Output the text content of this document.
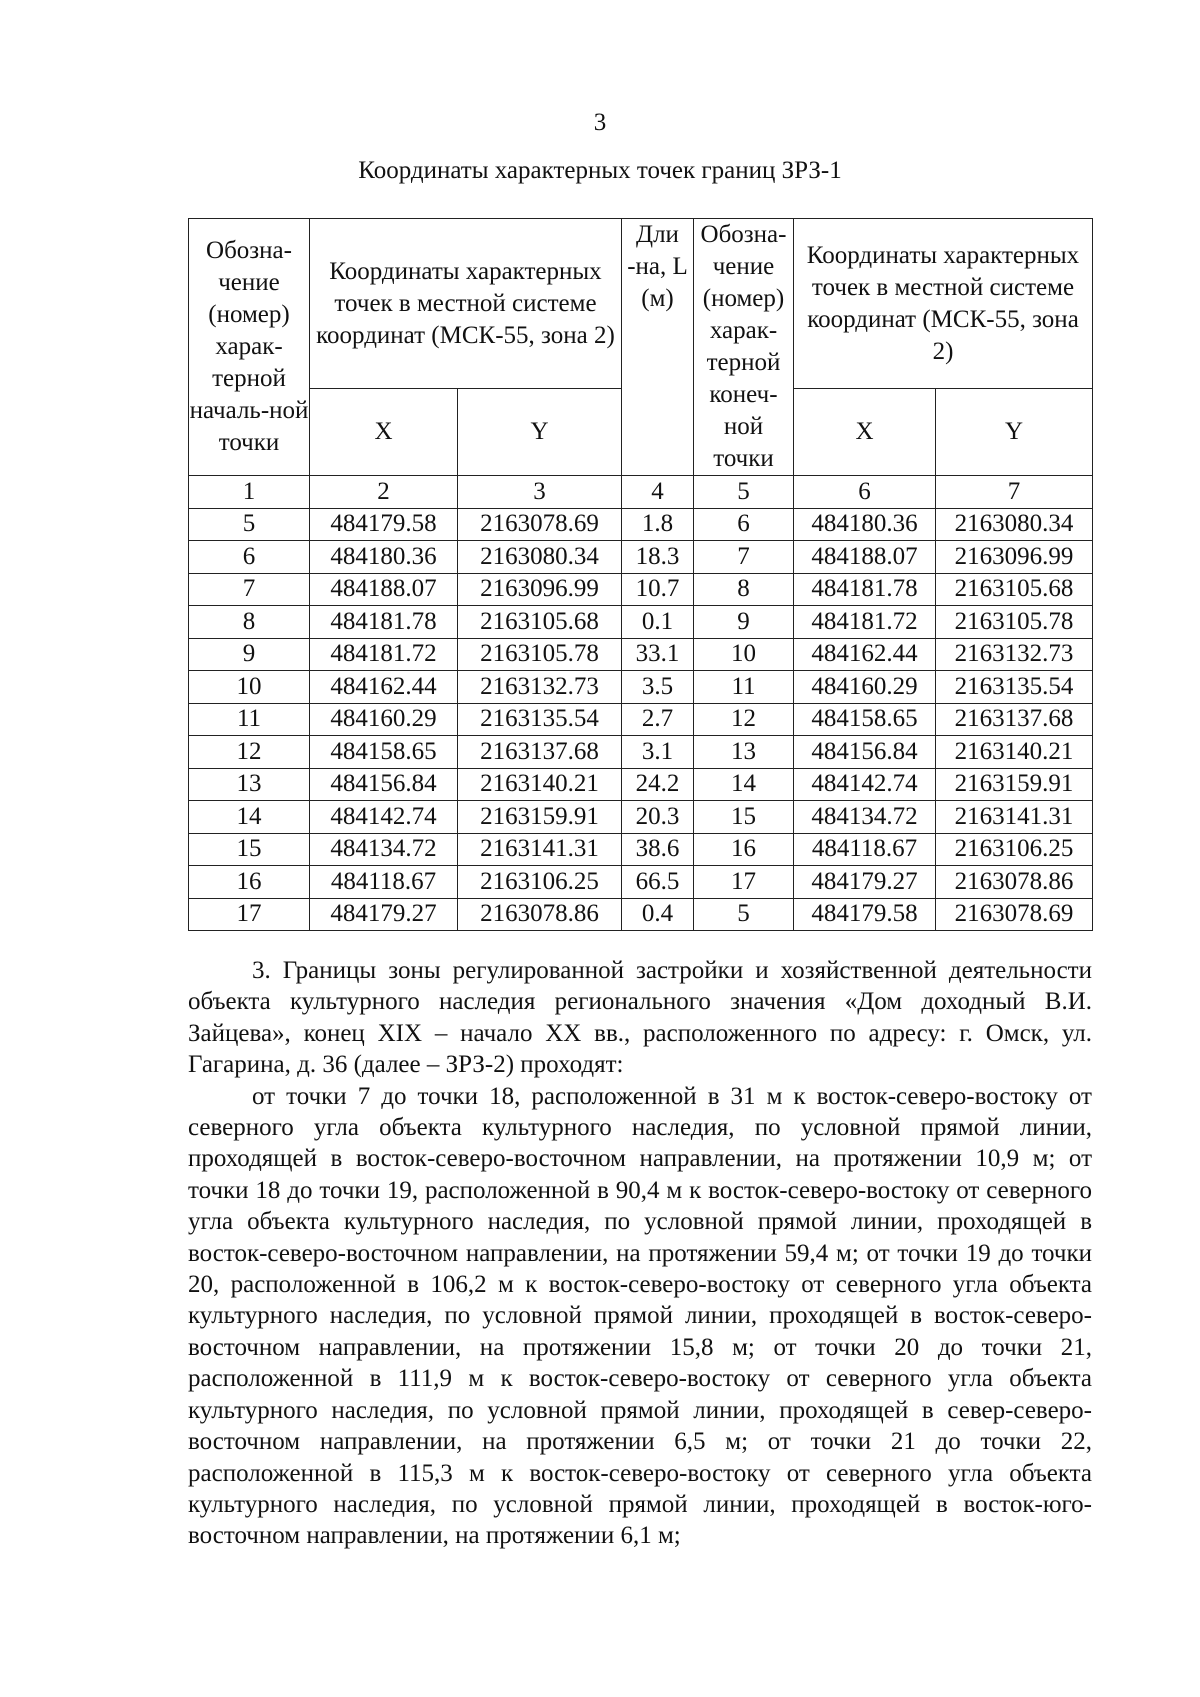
3
Координаты характерных точек границ ЗРЗ-1
Обозна-чение (номер) харак-терной началь-ной точки	Координаты характерных точек в местной системе координат (МСК-55, зона 2)		Дли -на, L (м)	Обозна-чение (номер) харак-терной конеч-ной точки	Координаты характерных точек в местной системе координат (МСК-55, зона 2)	
	X	Y			X	Y
1	2	3	4	5	6	7
5	484179.58	2163078.69	1.8	6	484180.36	2163080.34
6	484180.36	2163080.34	18.3	7	484188.07	2163096.99
7	484188.07	2163096.99	10.7	8	484181.78	2163105.68
8	484181.78	2163105.68	0.1	9	484181.72	2163105.78
9	484181.72	2163105.78	33.1	10	484162.44	2163132.73
10	484162.44	2163132.73	3.5	11	484160.29	2163135.54
11	484160.29	2163135.54	2.7	12	484158.65	2163137.68
12	484158.65	2163137.68	3.1	13	484156.84	2163140.21
13	484156.84	2163140.21	24.2	14	484142.74	2163159.91
14	484142.74	2163159.91	20.3	15	484134.72	2163141.31
15	484134.72	2163141.31	38.6	16	484118.67	2163106.25
16	484118.67	2163106.25	66.5	17	484179.27	2163078.86
17	484179.27	2163078.86	0.4	5	484179.58	2163078.69

3. Границы зоны регулированной застройки и хозяйственной деятельности объекта культурного наследия регионального значения «Дом доходный В.И. Зайцева», конец XIX – начало XX вв., расположенного по адресу: г. Омск, ул. Гагарина, д. 36 (далее – ЗРЗ-2) проходят:

от точки 7 до точки 18, расположенной в 31 м к восток-северо-востоку от северного угла объекта культурного наследия, по условной прямой линии, проходящей в восток-северо-восточном направлении, на протяжении 10,9 м; от точки 18 до точки 19, расположенной в 90,4 м к восток-северо-востоку от северного угла объекта культурного наследия, по условной прямой линии, проходящей в восток-северо-восточном направлении, на протяжении 59,4 м; от точки 19 до точки 20, расположенной в 106,2 м к восток-северо-востоку от северного угла объекта культурного наследия, по условной прямой линии, проходящей в восток-северо-восточном направлении, на протяжении 15,8 м; от точки 20 до точки 21, расположенной в 111,9 м к восток-северо-востоку от северного угла объекта культурного наследия, по условной прямой линии, проходящей в север-северо-восточном направлении, на протяжении 6,5 м; от точки 21 до точки 22, расположенной в 115,3 м к восток-северо-востоку от северного угла объекта культурного наследия, по условной прямой линии, проходящей в восток-юго-восточном направлении, на протяжении 6,1 м;
